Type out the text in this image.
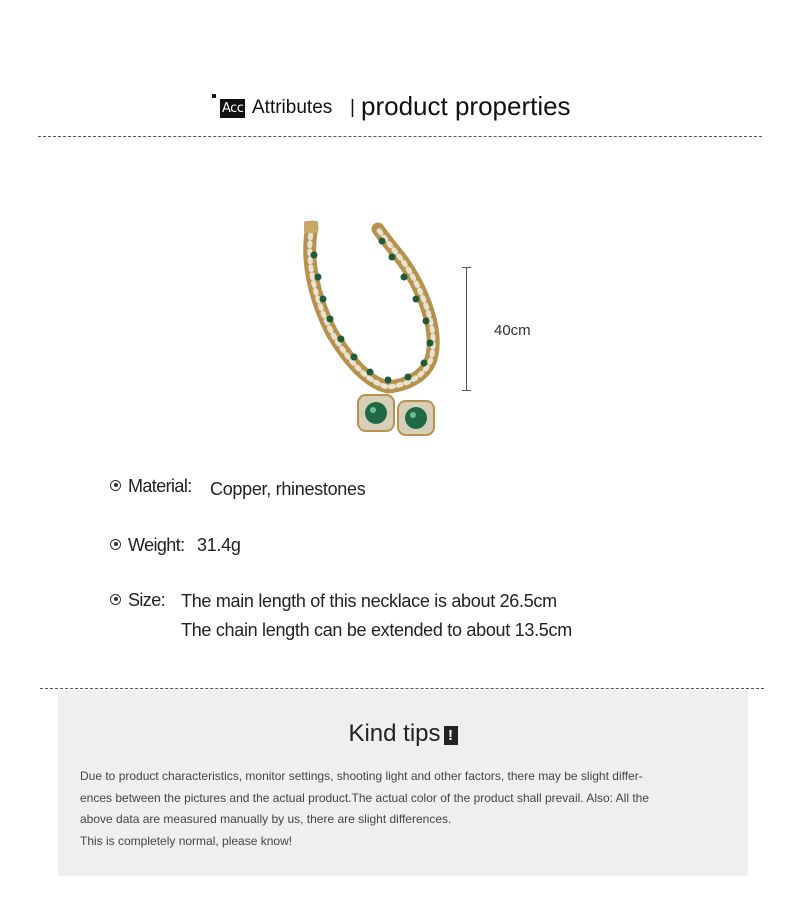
Acc Attributes | product properties
40cm
Material: Copper, rhinestones
Weight: 31.4g
Size: The main length of this necklace is about 26.5cm
The chain length can be extended to about 13.5cm
Kind tips !
Due to product characteristics, monitor settings, shooting light and other factors, there may be slight differ-
ences between the pictures and the actual product.The actual color of the product shall prevail. Also: All the
above data are measured manually by us, there are slight differences.
This is completely normal, please know!
